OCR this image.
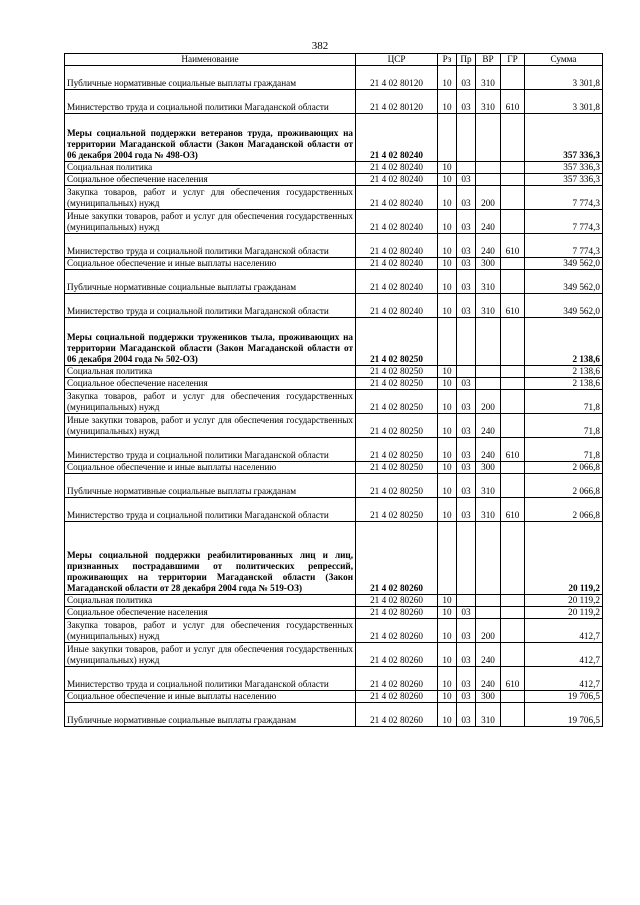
382
Наименование	ЦСР	Рз	Пр	ВР	ГР	Сумма
Публичные нормативные социальные выплаты гражданам	21 4 02 80120	10	03	310		3 301,8
Министерство труда и социальной политики Магаданской области	21 4 02 80120	10	03	310	610	3 301,8
Меры социальной поддержки ветеранов труда, проживающих на территории Магаданской области (Закон Магаданской области от 06 декабря 2004 года № 498-ОЗ)	21 4 02 80240					357 336,3
Социальная политика	21 4 02 80240	10				357 336,3
Социальное обеспечение населения	21 4 02 80240	10	03			357 336,3
Закупка товаров, работ и услуг для обеспечения государственных (муниципальных) нужд	21 4 02 80240	10	03	200		7 774,3
Иные закупки товаров, работ и услуг для обеспечения государственных (муниципальных) нужд	21 4 02 80240	10	03	240		7 774,3
Министерство труда и социальной политики Магаданской области	21 4 02 80240	10	03	240	610	7 774,3
Социальное обеспечение и иные выплаты населению	21 4 02 80240	10	03	300		349 562,0
Публичные нормативные социальные выплаты гражданам	21 4 02 80240	10	03	310		349 562,0
Министерство труда и социальной политики Магаданской области	21 4 02 80240	10	03	310	610	349 562,0
Меры социальной поддержки тружеников тыла, проживающих на территории Магаданской области (Закон Магаданской области от 06 декабря 2004 года № 502-ОЗ)	21 4 02 80250					2 138,6
Социальная политика	21 4 02 80250	10				2 138,6
Социальное обеспечение населения	21 4 02 80250	10	03			2 138,6
Закупка товаров, работ и услуг для обеспечения государственных (муниципальных) нужд	21 4 02 80250	10	03	200		71,8
Иные закупки товаров, работ и услуг для обеспечения государственных (муниципальных) нужд	21 4 02 80250	10	03	240		71,8
Министерство труда и социальной политики Магаданской области	21 4 02 80250	10	03	240	610	71,8
Социальное обеспечение и иные выплаты населению	21 4 02 80250	10	03	300		2 066,8
Публичные нормативные социальные выплаты гражданам	21 4 02 80250	10	03	310		2 066,8
Министерство труда и социальной политики Магаданской области	21 4 02 80250	10	03	310	610	2 066,8
Меры социальной поддержки реабилитированных лиц и лиц, признанных пострадавшими от политических репрессий, проживающих на территории Магаданской области (Закон Магаданской области от 28 декабря 2004 года № 519-ОЗ)	21 4 02 80260					20 119,2
Социальная политика	21 4 02 80260	10				20 119,2
Социальное обеспечение населения	21 4 02 80260	10	03			20 119,2
Закупка товаров, работ и услуг для обеспечения государственных (муниципальных) нужд	21 4 02 80260	10	03	200		412,7
Иные закупки товаров, работ и услуг для обеспечения государственных (муниципальных) нужд	21 4 02 80260	10	03	240		412,7
Министерство труда и социальной политики Магаданской области	21 4 02 80260	10	03	240	610	412,7
Социальное обеспечение и иные выплаты населению	21 4 02 80260	10	03	300		19 706,5
Публичные нормативные социальные выплаты гражданам	21 4 02 80260	10	03	310		19 706,5
